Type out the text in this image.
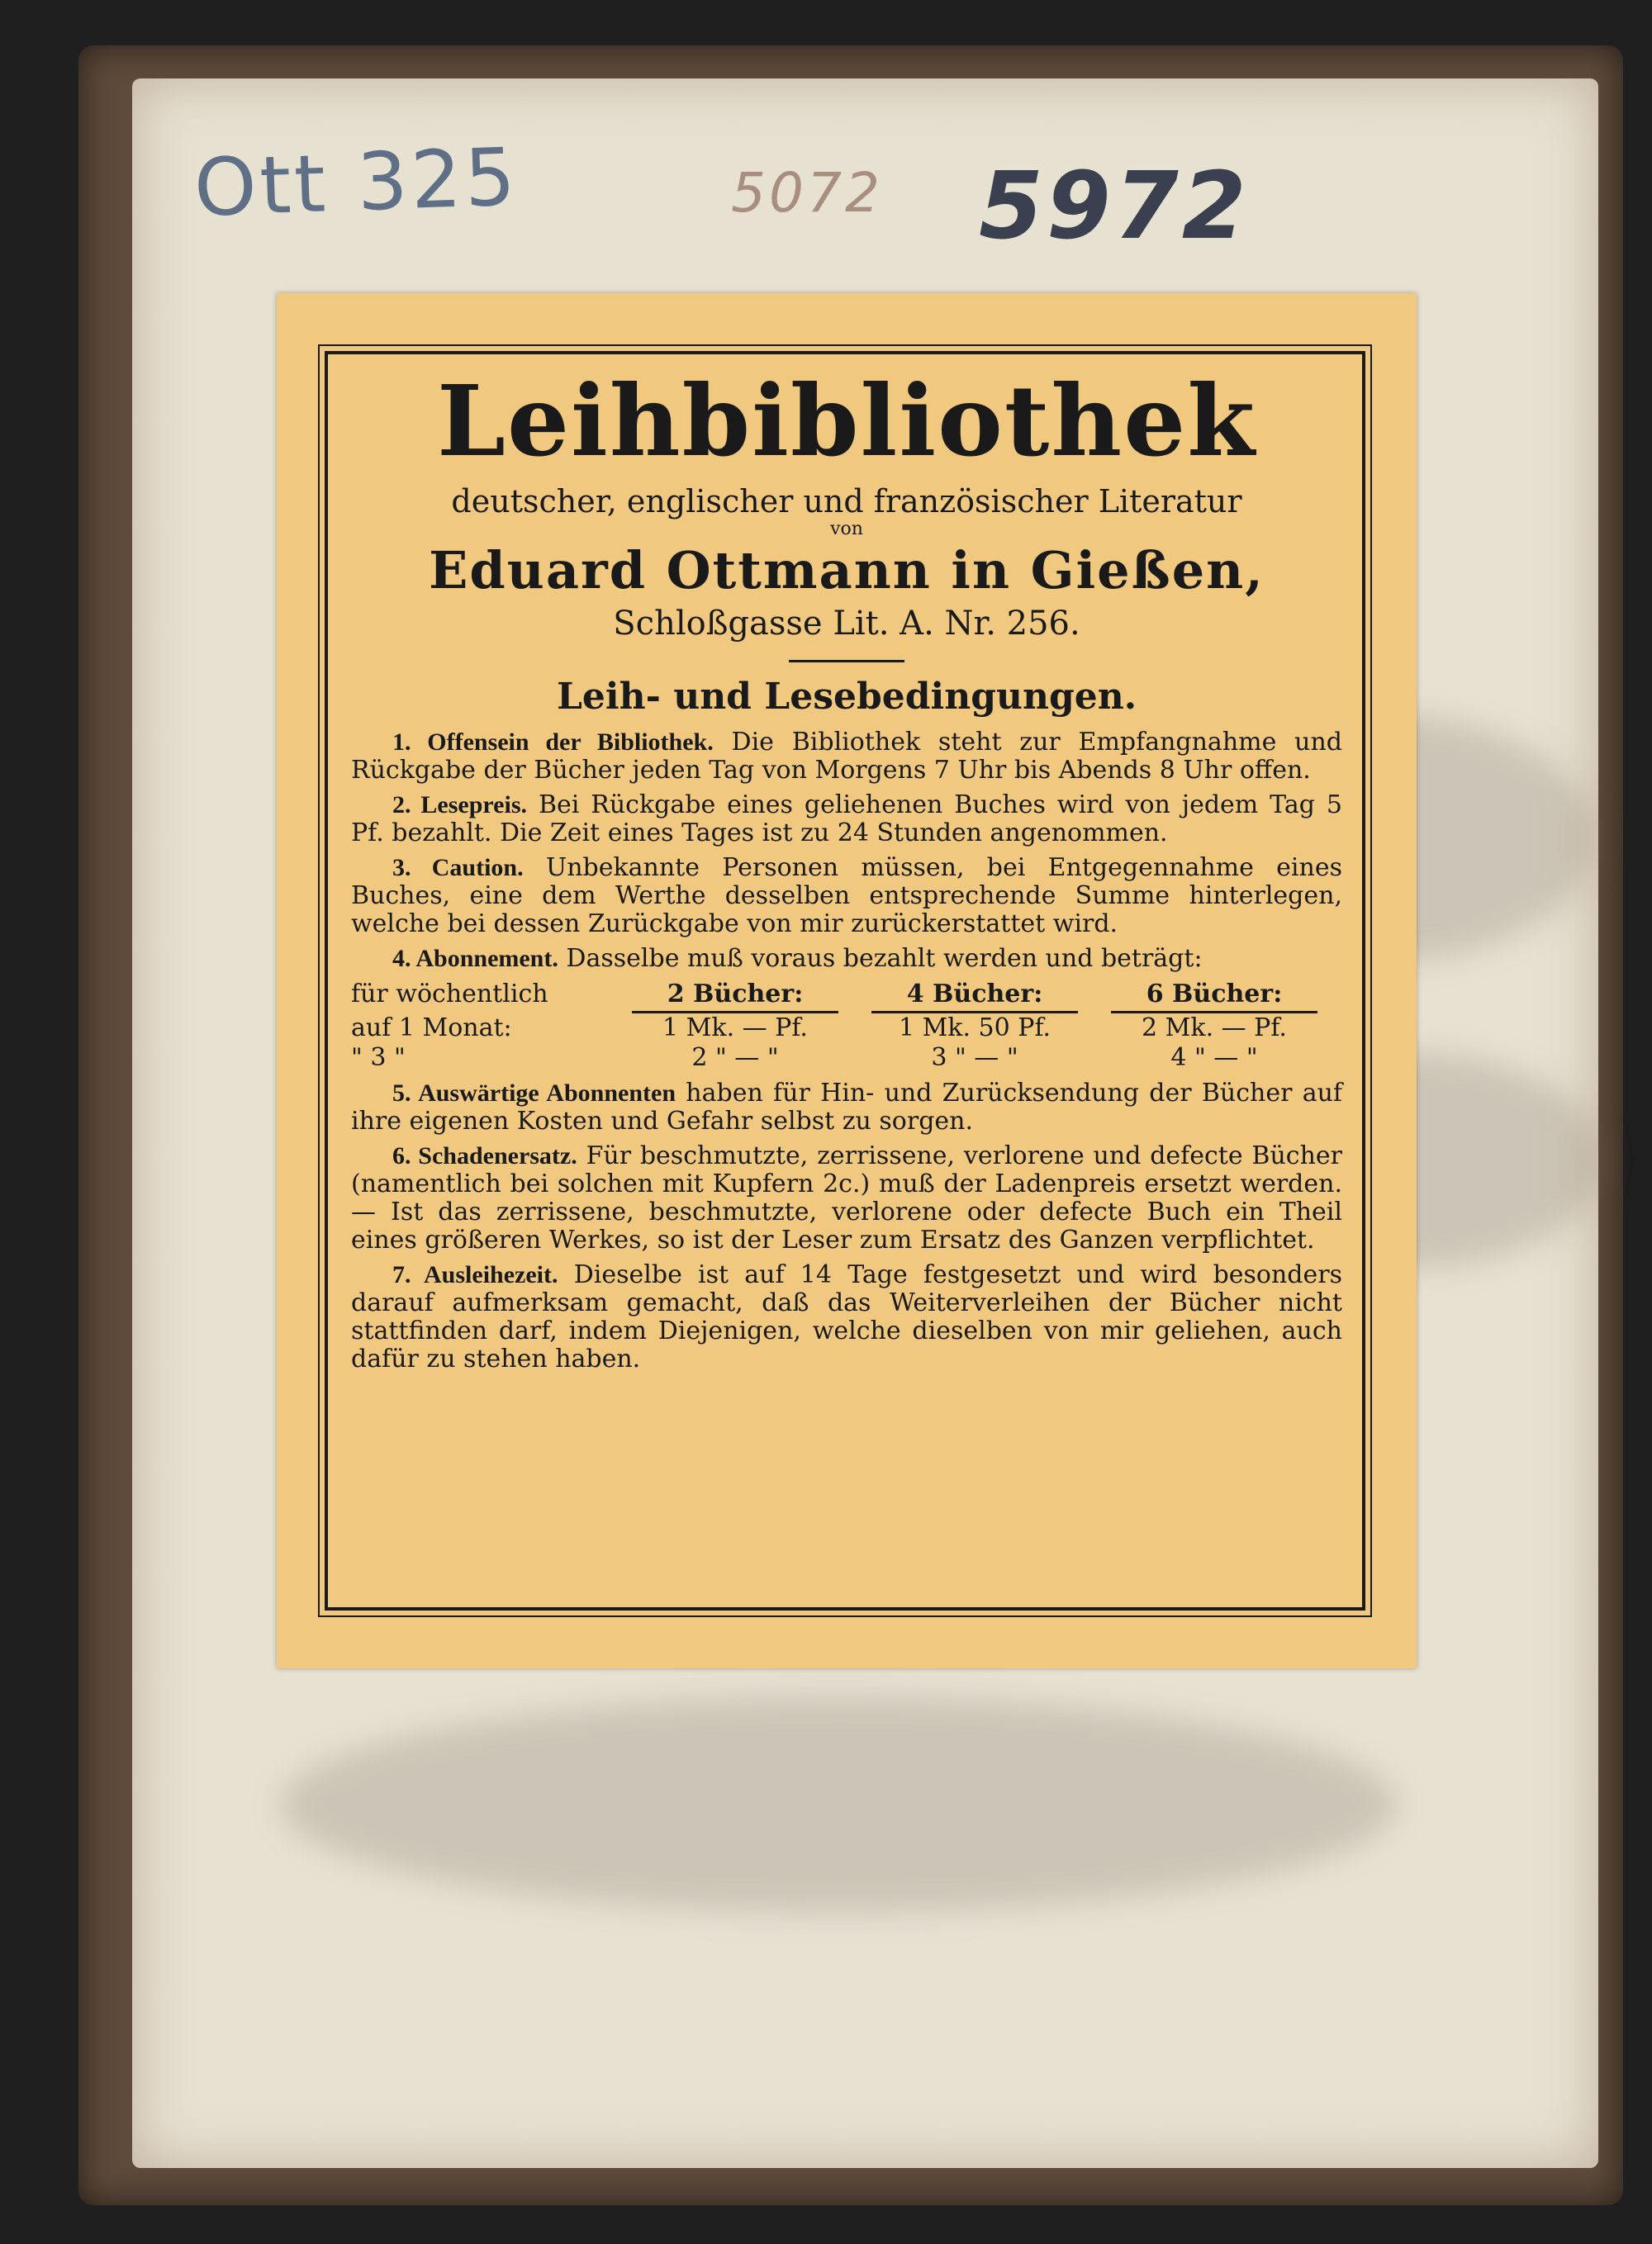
Ott 325	5072 5972
Leihbibliothek
deutscher, englischer und französischer Literatur
von
Eduard Ottmann in Gießen,
Schloßgasse Lit. A. Nr. 256.
Leih- und Lesebedingungen.

1. Offensein der Bibliothek. Die Bibliothek steht zur Empfangnahme und Rückgabe der Bücher jeden Tag von Morgens 7 Uhr bis Abends 8 Uhr offen.

2. Lesepreis. Bei Rückgabe eines geliehenen Buches wird von jedem Tag 5 Pf. bezahlt. Die Zeit eines Tages ist zu 24 Stunden angenommen.

3. Caution. Unbekannte Personen müssen, bei Entgegennahme eines Buches, eine dem Werthe desselben entsprechende Summe hinterlegen, welche bei dessen Zurückgabe von mir zurückerstattet wird.

4. Abonnement. Dasselbe muß voraus bezahlt werden und beträgt:

für wöchentlich	2 Bücher:	4 Bücher:	6 Bücher:
auf 1 Monat:	1 Mk. — Pf.	1 Mk. 50 Pf.	2 Mk. — Pf.
" 3 "	2 " — "	3 " — "	4 " — "

5. Auswärtige Abonnenten haben für Hin- und Zurücksendung der Bücher auf ihre eigenen Kosten und Gefahr selbst zu sorgen.

6. Schadenersatz. Für beschmutzte, zerrissene, verlorene und defecte Bücher (namentlich bei solchen mit Kupfern 2c.) muß der Ladenpreis ersetzt werden. — Ist das zerrissene, beschmutzte, verlorene oder defecte Buch ein Theil eines größeren Werkes, so ist der Leser zum Ersatz des Ganzen verpflichtet.

7. Ausleihezeit. Dieselbe ist auf 14 Tage festgesetzt und wird besonders darauf aufmerksam gemacht, daß das Weiterverleihen der Bücher nicht stattfinden darf, indem Diejenigen, welche dieselben von mir geliehen, auch dafür zu stehen haben.
